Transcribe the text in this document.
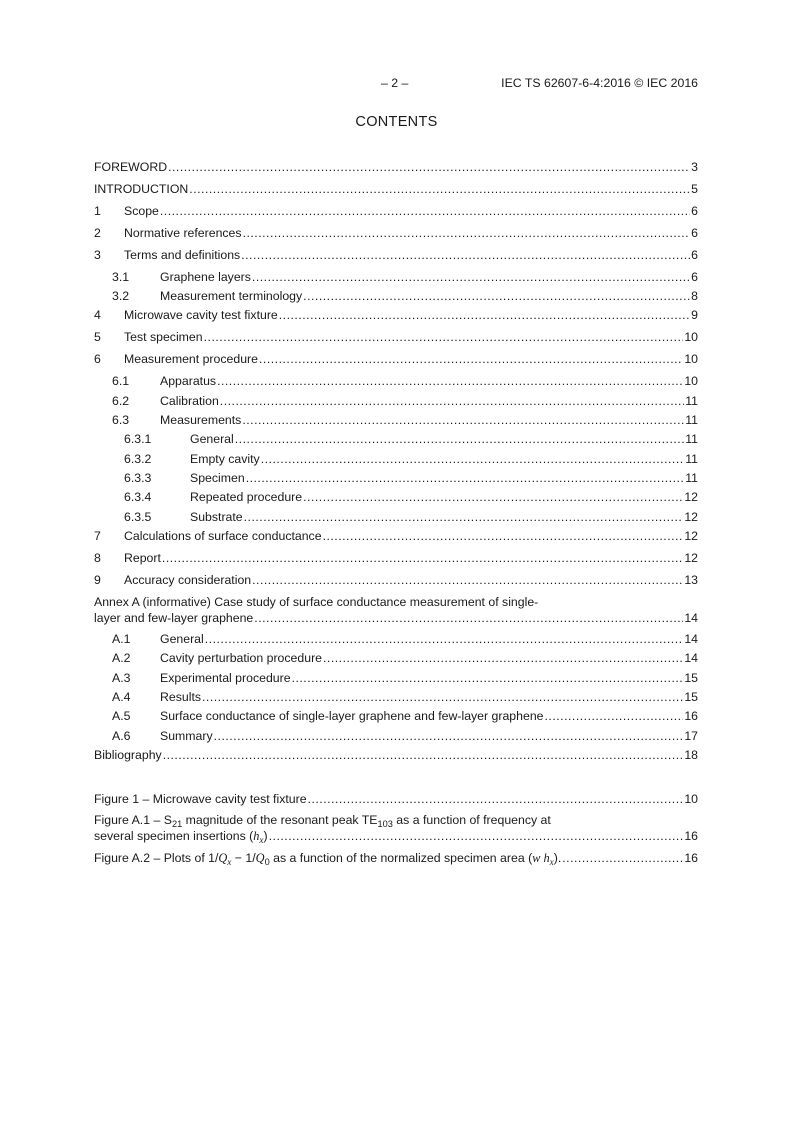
– 2 –	IEC TS 62607-6-4:2016 © IEC 2016
CONTENTS
FOREWORD .....	3
INTRODUCTION .....	5
1	Scope .....	6
2	Normative references .....	6
3	Terms and definitions .....	6
3.1	Graphene layers .....	6
3.2	Measurement terminology .....	8
4	Microwave cavity test fixture .....	9
5	Test specimen .....	10
6	Measurement procedure .....	10
6.1	Apparatus .....	10
6.2	Calibration .....	11
6.3	Measurements .....	11
6.3.1	General .....	11
6.3.2	Empty cavity .....	11
6.3.3	Specimen .....	11
6.3.4	Repeated procedure .....	12
6.3.5	Substrate .....	12
7	Calculations of surface conductance .....	12
8	Report .....	12
9	Accuracy consideration .....	13
Annex A (informative) Case study of surface conductance measurement of single-
layer and few-layer graphene .....	14
A.1	General .....	14
A.2	Cavity perturbation procedure .....	14
A.3	Experimental procedure .....	15
A.4	Results .....	15
A.5	Surface conductance of single-layer graphene and few-layer graphene .....	16
A.6	Summary .....	17
Bibliography .....	18
Figure 1 – Microwave cavity test fixture .....	10
Figure $A.1 - S_{21}$ magnitude of the resonant peak $TE_{103}$ as a function of frequency at
several specimen insertions $(h_x)$ .....	16
Figure A.2 – Plots of $1/Q_x - 1/Q_0$ as a function of the normalized specimen area (w $h_x$). .....	16
